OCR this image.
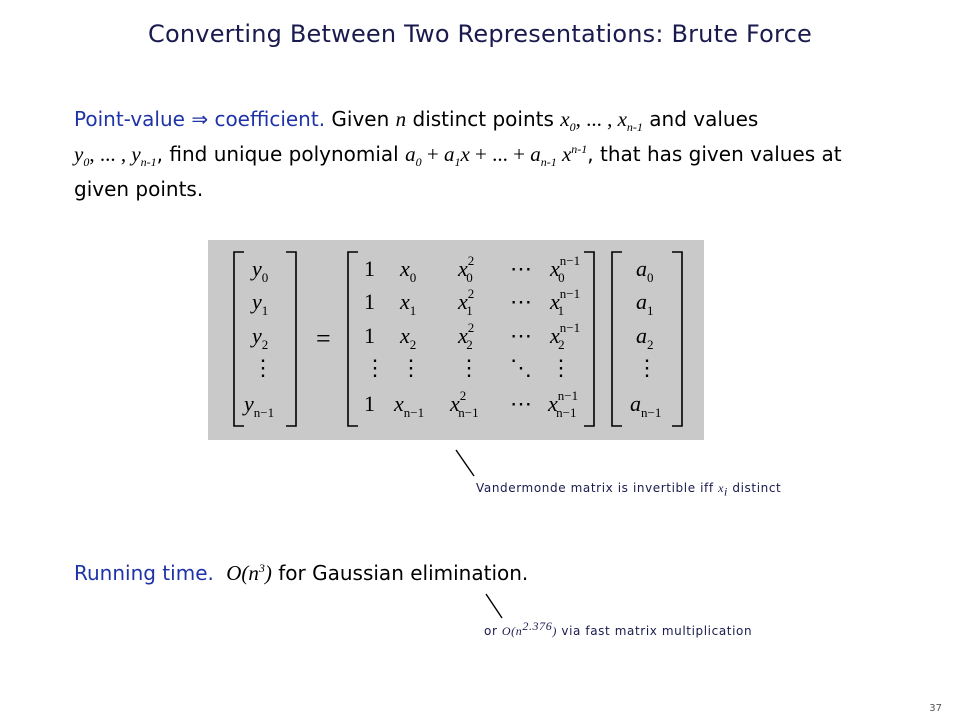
Converting Between Two Representations: Brute Force
Point-value ⇒ coefficient. Given n distinct points $x_0$, ... , $x_{n-1}$ and values
$y_0$, ... , $y_{n-1}$, find unique polynomial $a_0 + a_1x$ + ... + $a_{n-1}$ $x^{n-1}$, that has given values at given points.
$y_0$
$y_1$
$y_2$
⋮
$y_{n-1}$
=
1 $x_0$ $x^2$ 0 ⋯ $x^{n-1}$ 0
1 $x_1$ $x^2$ 1 ⋯ $x^{n-1}$ 1
1 $x_2$ $x^2$ 2 ⋯ $x^{n-1}$ 2
⋮ ⋮ ⋮ ⋱ ⋮
1 $x_{n-1}$ $x^2$ n−1 ⋯ $x^{n-1}$ n−1
$a_0$
$a_1$
$a_2$
⋮
$a_{n-1}$
Vandermonde matrix is invertible iff $x_i$ distinct
Running time. $O(n^3)$ for Gaussian elimination.
or $O(n^{2.376})$ via fast matrix multiplication
37
